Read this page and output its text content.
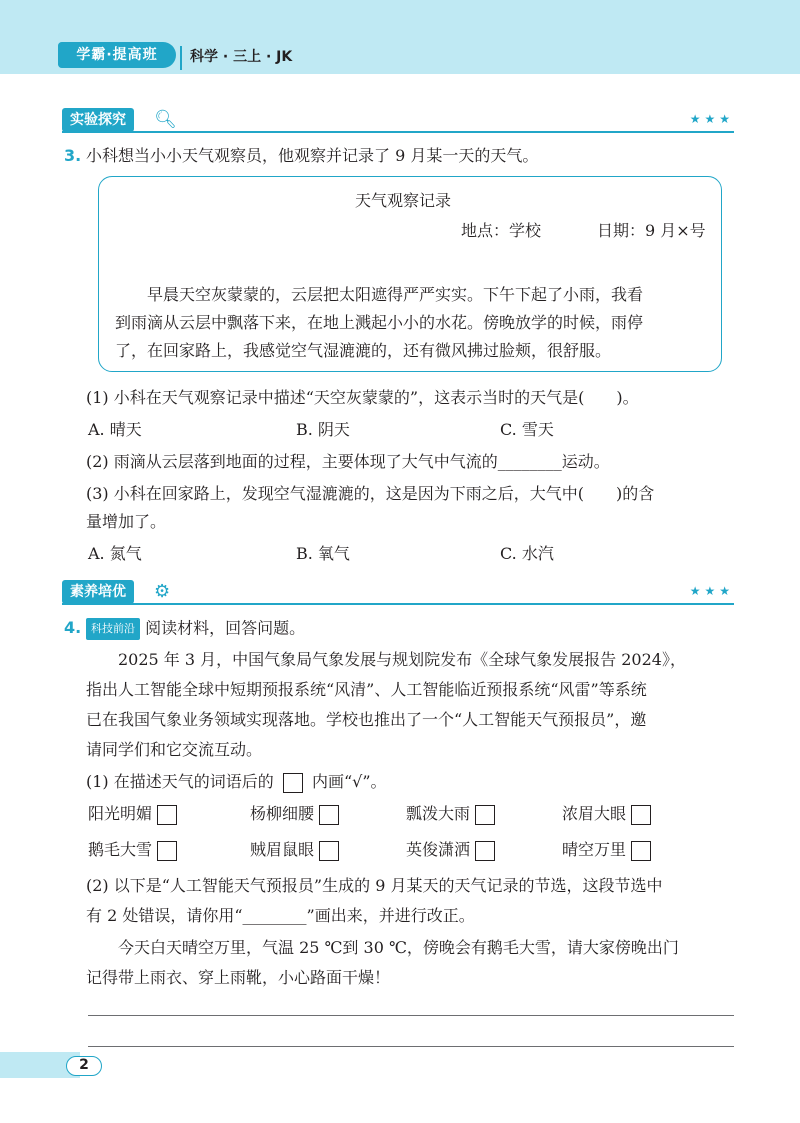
学霸·提高班	科学 · 三上 · JK
实验探究	🔍︎	★★★
3. 小科想当小小天气观察员，他观察并记录了 9 月某一天的天气。
天气观察记录
地点：学校	日期：9 月×号
早晨天空灰蒙蒙的，云层把太阳遮得严严实实。下午下起了小雨，我看
到雨滴从云层中飘落下来，在地上溅起小小的水花。傍晚放学的时候，雨停
了，在回家路上，我感觉空气湿漉漉的，还有微风拂过脸颊，很舒服。
(1) 小科在天气观察记录中描述“天空灰蒙蒙的”，这表示当时的天气是(　　)。
A. 晴天	B. 阴天	C. 雪天
(2) 雨滴从云层落到地面的过程，主要体现了大气中气流的________运动。
(3) 小科在回家路上，发现空气湿漉漉的，这是因为下雨之后，大气中(　　)的含
量增加了。
A. 氮气	B. 氧气	C. 水汽
素养培优	⚙	★★★
4. 科技前沿 阅读材料，回答问题。
2025 年 3 月，中国气象局气象发展与规划院发布《全球气象发展报告 2024》，
指出人工智能全球中短期预报系统“风清”、人工智能临近预报系统“风雷”等系统
已在我国气象业务领域实现落地。学校也推出了一个“人工智能天气预报员”，邀
请同学们和它交流互动。
(1) 在描述天气的词语后的 内画“√”。
阳光明媚	杨柳细腰	瓢泼大雨	浓眉大眼
鹅毛大雪	贼眉鼠眼	英俊潇洒	晴空万里
(2) 以下是“人工智能天气预报员”生成的 9 月某天的天气记录的节选，这段节选中
有 2 处错误，请你用“________”画出来，并进行改正。
今天白天晴空万里，气温 25 ℃到 30 ℃，傍晚会有鹅毛大雪，请大家傍晚出门
记得带上雨衣、穿上雨靴，小心路面干燥！
2
